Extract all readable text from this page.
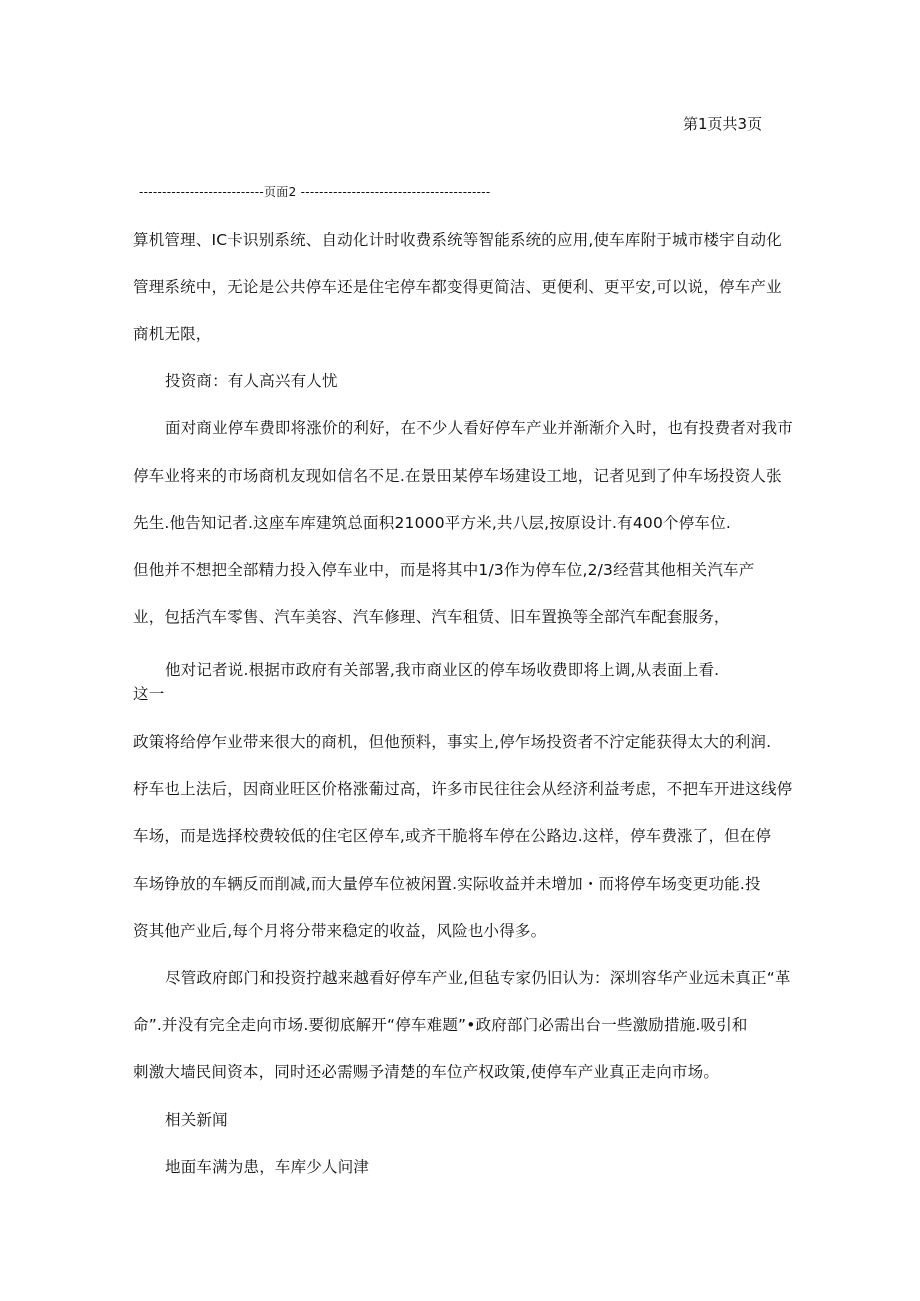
第1页共3页
---------------------------页面2 -----------------------------------------
算机管理、IC卡识别系统、自动化计时收费系统等智能系统的应用,使车库附于城市楼宇自动化
管理系统中，无论是公共停车还是住宅停车都变得更简洁、更便利、更平安,可以说，停车产业
商机无限，
投资商：有人高兴有人忧
面对商业停车费即将涨价的利好，在不少人看好停车产业并渐渐介入时，也有投费者对我市
停车业将来的市场商机友现如信名不足.在景田某停车场建设工地，记者见到了仲车场投资人张
先生.他告知记者.这座车库建筑总面积21000平方米,共八层,按原设计.有400个停车位.
但他并不想把全部精力投入停车业中，而是将其中1/3作为停车位,2/3经营其他相关汽车产
业，包括汽车零售、汽车美容、汽车修理、汽车租赁、旧车置换等全部汽车配套服务，
他对记者说.根据市政府有关部署,我市商业区的停车场收费即将上调,从表面上看.
这一
政策将给停乍业带来很大的商机，但他预料，事实上,停乍场投资者不泞定能获得太大的利润.
杼车也上法后，因商业旺区价格涨葡过高，许多市民往往会从经济利益考虑，不把车开进这线停
车场，而是选择校费较低的住宅区停车,或齐干脆将车停在公路边.这样，停车费涨了，但在停
车场铮放的车辆反而削减,而大量停车位被闲置.实际收益并未增加・而将停车场变更功能.投
资其他产业后,每个月将分带来稳定的收益，风险也小得多。
尽管政府郎门和投资拧越来越看好停车产业,但毡专家仍旧认为：深圳容华产业远未真正“革
命”.并没有完全走向市场.要彻底解开“停车难题”•政府部门必需出台一些激励措施.吸引和
刺激大墙民间资本，同时还必需赐予清楚的车位产权政策,使停车产业真正走向市场。
相关新闻
地面车满为患，车库少人问津
